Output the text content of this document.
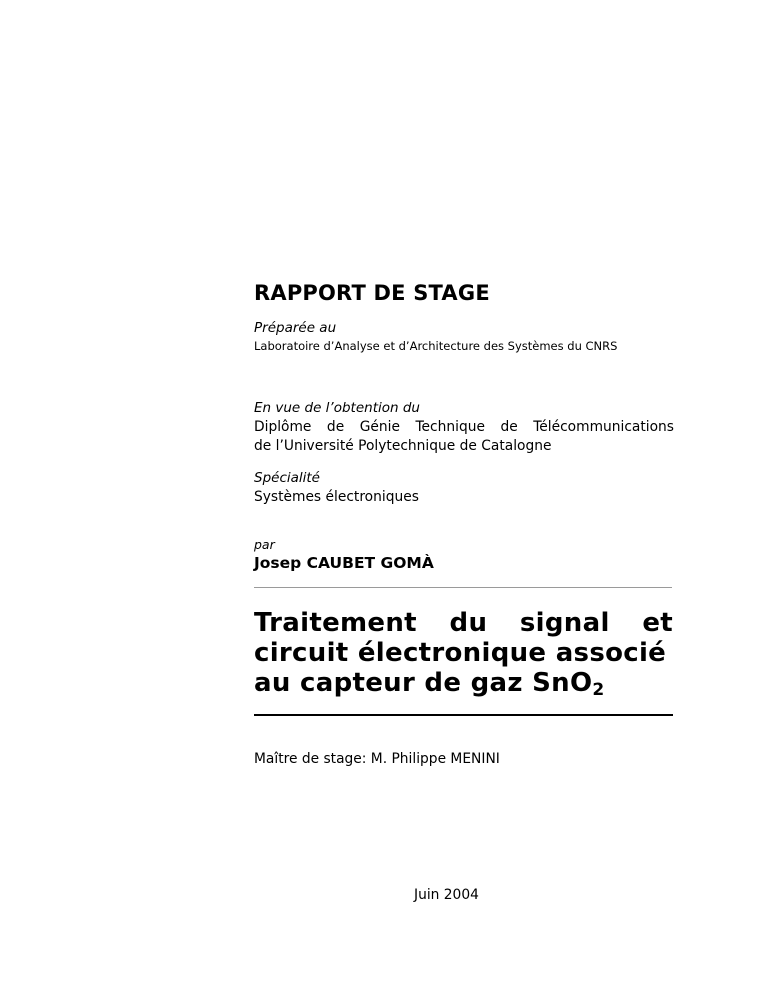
RAPPORT DE STAGE
Préparée au
Laboratoire d’Analyse et d’Architecture des Systèmes du CNRS
En vue de l’obtention du
Diplôme de Génie Technique de Télécommunications
de l’Université Polytechnique de Catalogne
Spécialité
Systèmes électroniques
par
Josep CAUBET GOMÀ
Traitement du signal et
circuit électronique associé
au capteur de gaz SnO$_2$
Maître de stage: M. Philippe MENINI
Juin 2004
